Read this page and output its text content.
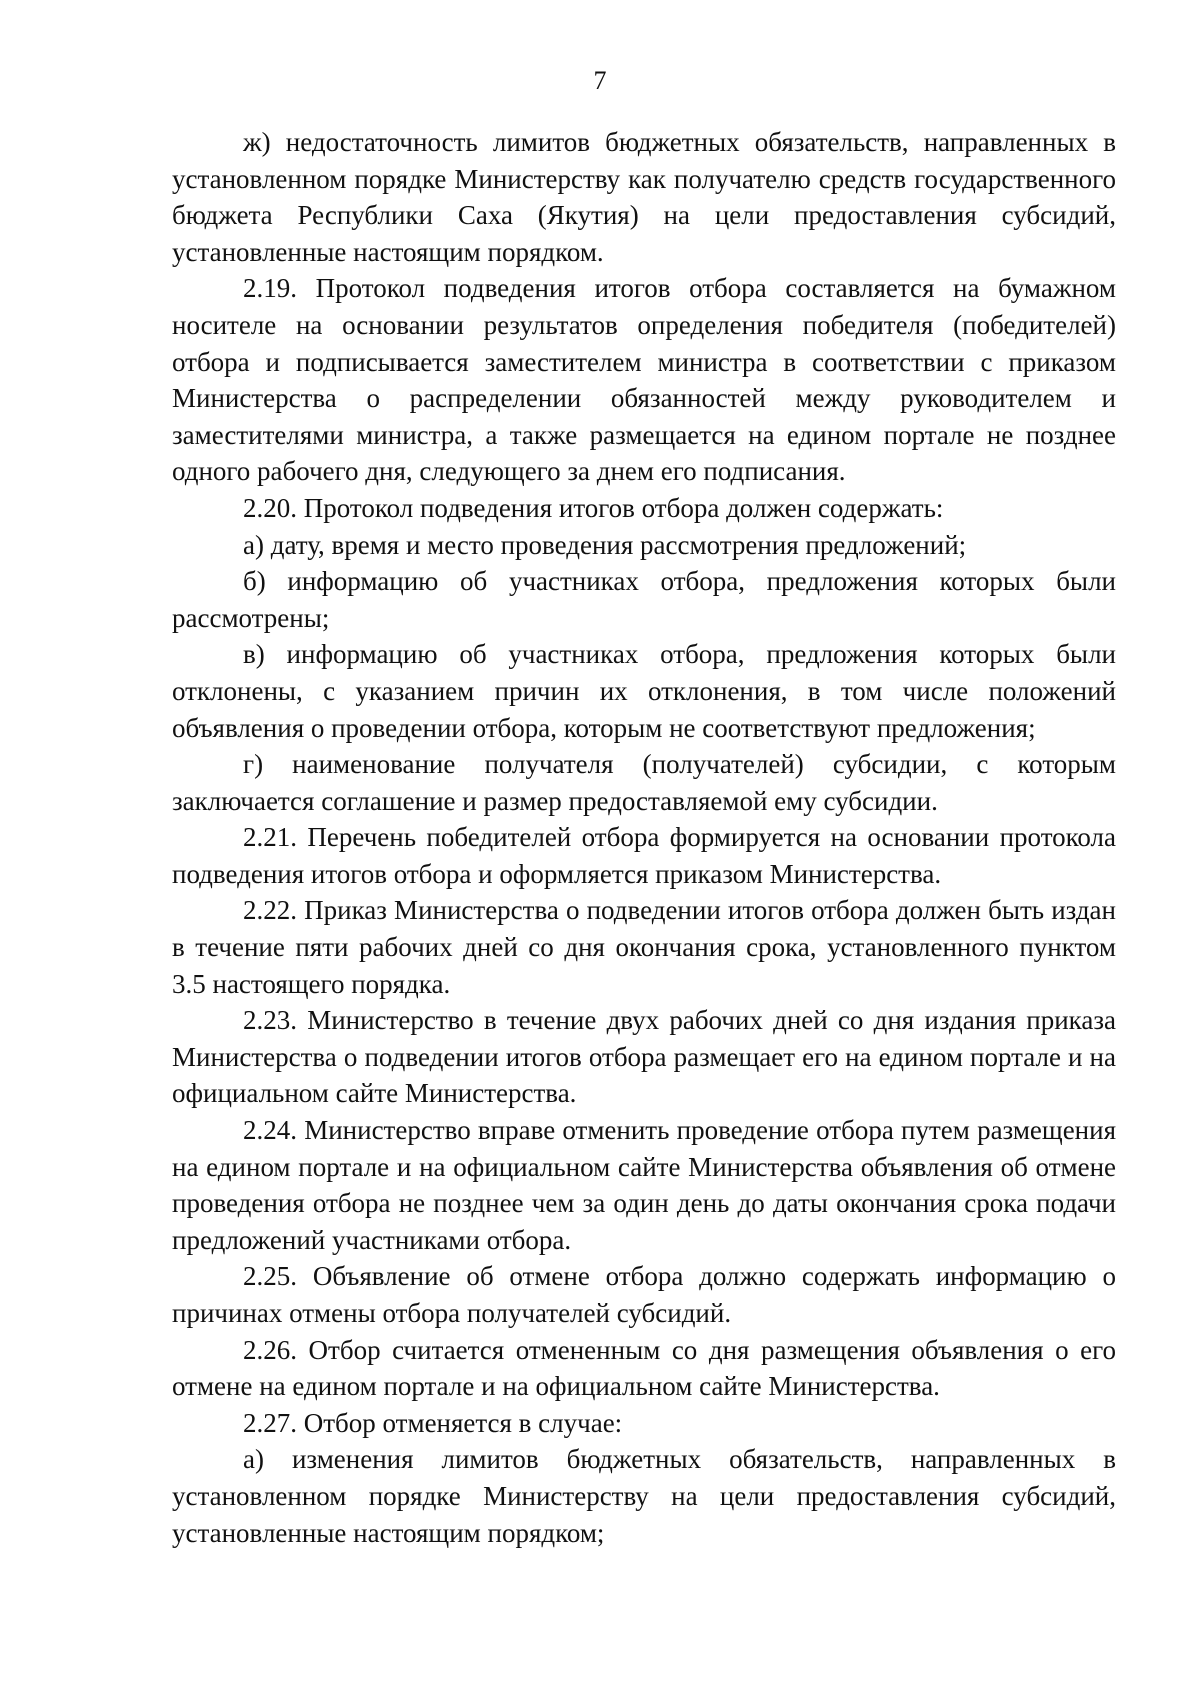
7

ж) недостаточность лимитов бюджетных обязательств, направленных в установленном порядке Министерству как получателю средств государственного бюджета Республики Саха (Якутия) на цели предоставления субсидий, установленные настоящим порядком.

2.19. Протокол подведения итогов отбора составляется на бумажном носителе на основании результатов определения победителя (победителей) отбора и подписывается заместителем министра в соответствии с приказом Министерства о распределении обязанностей между руководителем и заместителями министра, а также размещается на едином портале не позднее одного рабочего дня, следующего за днем его подписания.

2.20. Протокол подведения итогов отбора должен содержать:

а) дату, время и место проведения рассмотрения предложений;

б) информацию об участниках отбора, предложения которых были рассмотрены;

в) информацию об участниках отбора, предложения которых были отклонены, с указанием причин их отклонения, в том числе положений объявления о проведении отбора, которым не соответствуют предложения;

г) наименование получателя (получателей) субсидии, с которым заключается соглашение и размер предоставляемой ему субсидии.

2.21. Перечень победителей отбора формируется на основании протокола подведения итогов отбора и оформляется приказом Министерства.

2.22. Приказ Министерства о подведении итогов отбора должен быть издан в течение пяти рабочих дней со дня окончания срока, установленного пунктом 3.5 настоящего порядка.

2.23. Министерство в течение двух рабочих дней со дня издания приказа Министерства о подведении итогов отбора размещает его на едином портале и на официальном сайте Министерства.

2.24. Министерство вправе отменить проведение отбора путем размещения на едином портале и на официальном сайте Министерства объявления об отмене проведения отбора не позднее чем за один день до даты окончания срока подачи предложений участниками отбора.

2.25. Объявление об отмене отбора должно содержать информацию о причинах отмены отбора получателей субсидий.

2.26. Отбор считается отмененным со дня размещения объявления о его отмене на едином портале и на официальном сайте Министерства.

2.27. Отбор отменяется в случае:

а) изменения лимитов бюджетных обязательств, направленных в установленном порядке Министерству на цели предоставления субсидий, установленные настоящим порядком;
